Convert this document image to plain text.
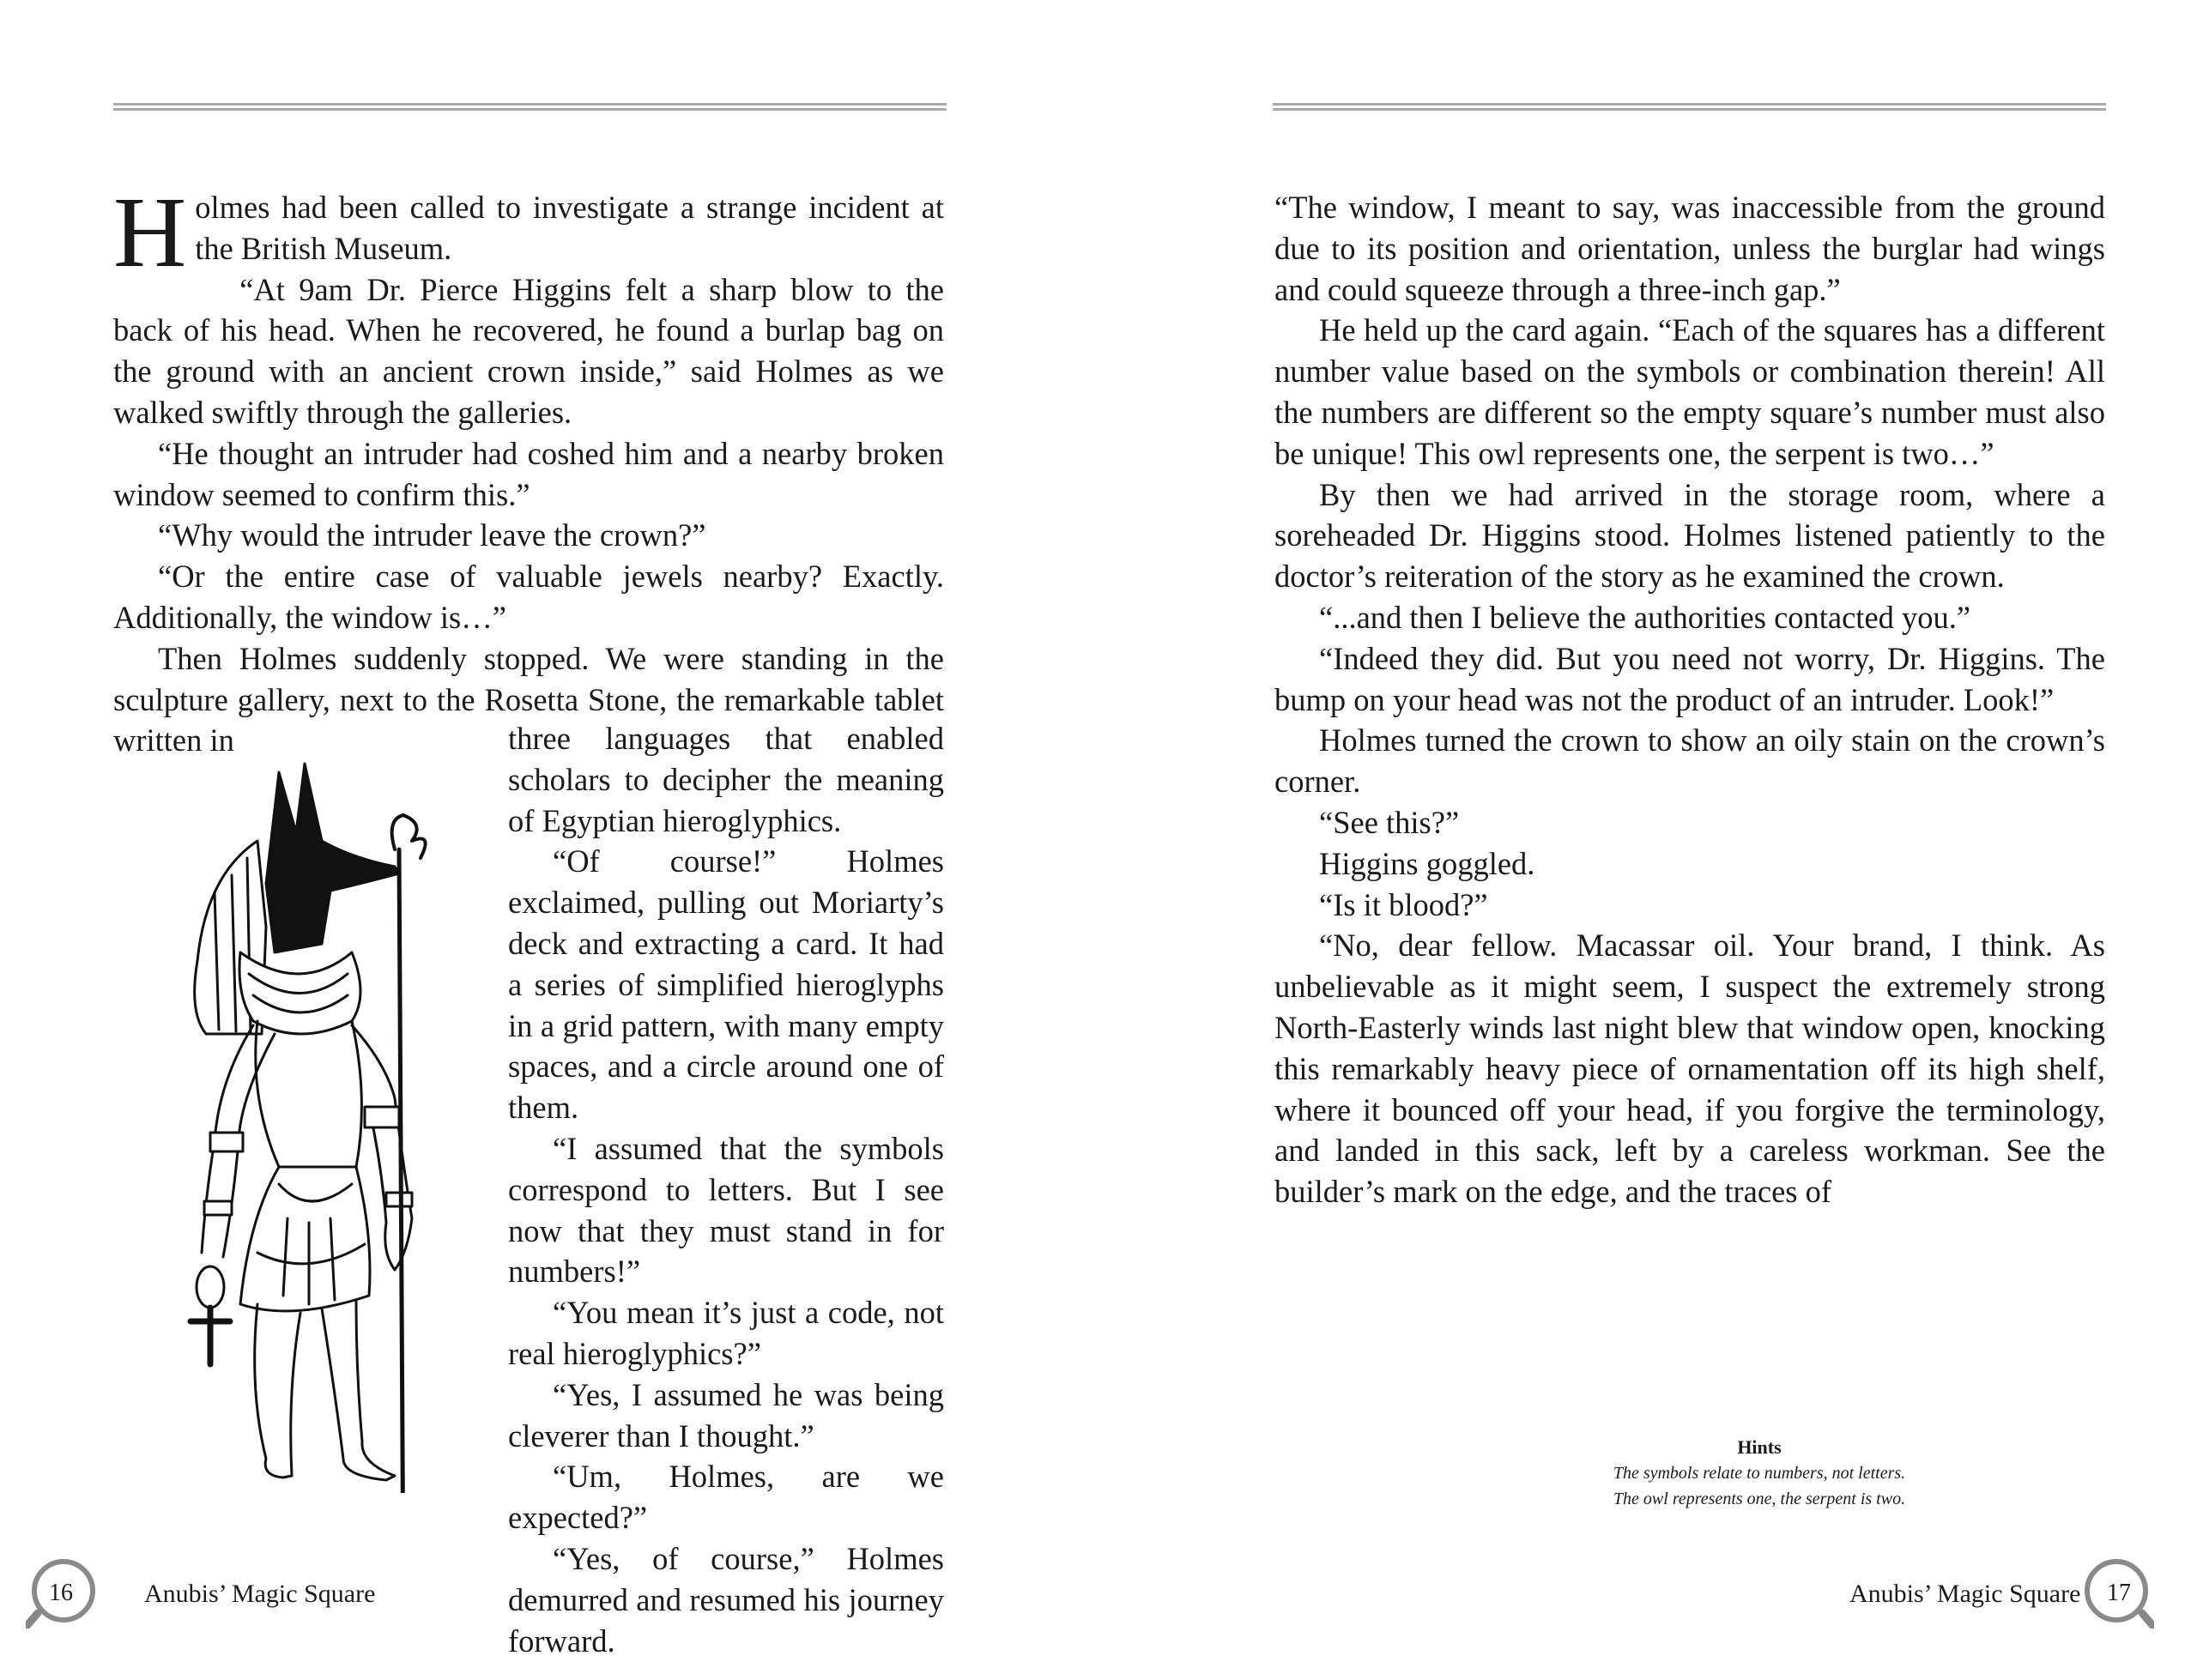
Holmes had been called to investigate a strange incident at the British Museum.

“At 9am Dr. Pierce Higgins felt a sharp blow to the back of his head. When he recovered, he found a burlap bag on the ground with an ancient crown inside,” said Holmes as we walked swiftly through the galleries.

“He thought an intruder had coshed him and a nearby broken window seemed to confirm this.”

“Why would the intruder leave the crown?”

“Or the entire case of valuable jewels nearby? Exactly. Additionally, the window is…”

Then Holmes suddenly stopped. We were standing in the sculpture gallery, next to the Rosetta Stone, the remarkable tablet written in	three languages that enabled scholars to decipher the meaning of Egyptian hieroglyphics.

“Of course!” Holmes exclaimed, pulling out Moriarty’s deck and extracting a card. It had a series of simplified hieroglyphs in a grid pattern, with many empty spaces, and a circle around one of them.

“I assumed that the symbols correspond to letters. But I see now that they must stand in for numbers!”

“You mean it’s just a code, not real hieroglyphics?”

“Yes, I assumed he was being cleverer than I thought.”

“Um, Holmes, are we expected?”

“Yes, of course,” Holmes demurred and resumed his journey forward.

“The window, I meant to say, was inaccessible from the ground due to its position and orientation, unless the burglar had wings and could squeeze through a three-inch gap.”

He held up the card again. “Each of the squares has a different number value based on the symbols or combination therein! All the numbers are different so the empty square’s number must also be unique! This owl represents one, the serpent is two…”

By then we had arrived in the storage room, where a soreheaded Dr. Higgins stood. Holmes listened patiently to the doctor’s reiteration of the story as he examined the crown.

“...and then I believe the authorities contacted you.”

“Indeed they did. But you need not worry, Dr. Higgins. The bump on your head was not the product of an intruder. Look!”

Holmes turned the crown to show an oily stain on the crown’s corner.

“See this?”

Higgins goggled.

“Is it blood?”

“No, dear fellow. Macassar oil. Your brand, I think. As unbelievable as it might seem, I suspect the extremely strong North-Easterly winds last night blew that window open, knocking this remarkably heavy piece of ornamentation off its high shelf, where it bounced off your head, if you forgive the terminology, and landed in this sack, left by a careless workman. See the builder’s mark on the edge, and the traces of

Hints
The symbols relate to numbers, not letters.
The owl represents one, the serpent is two.
16	Anubis’ Magic Square	Anubis’ Magic Square	17
